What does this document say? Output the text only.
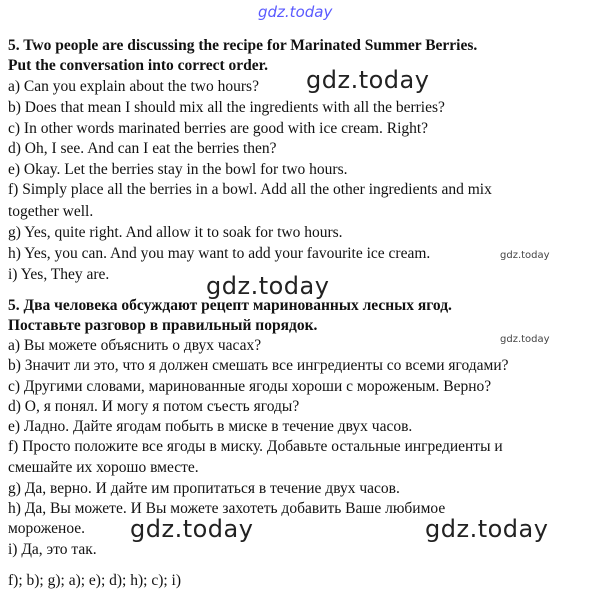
gdz.today
gdz.today
gdz.today
gdz.today	gdz.today
gdz.today
gdz.today
5. Two people are discussing the recipe for Marinated Summer Berries.
Put the conversation into correct order.
a) Can you explain about the two hours?
b) Does that mean I should mix all the ingredients with all the berries?
c) In other words marinated berries are good with ice cream. Right?
d) Oh, I see. And can I eat the berries then?
e) Okay. Let the berries stay in the bowl for two hours.
f) Simply place all the berries in a bowl. Add all the other ingredients and mix
together well.
g) Yes, quite right. And allow it to soak for two hours.
h) Yes, you can. And you may want to add your favourite ice cream.
i) Yes, They are.
5. Два человека обсуждают рецепт маринованных лесных ягод.
Поставьте разговор в правильный порядок.
а) Вы можете объяснить о двух часах?
b) Значит ли это, что я должен смешать все ингредиенты со всеми ягодами?
с) Другими словами, маринованные ягоды хороши с мороженым. Верно?
d) О, я понял. И могу я потом съесть ягоды?
е) Ладно. Дайте ягодам побыть в миске в течение двух часов.
f) Просто положите все ягоды в миску. Добавьте остальные ингредиенты и
смешайте их хорошо вместе.
g) Да, верно. И дайте им пропитаться в течение двух часов.
h) Да, Вы можете. И Вы можете захотеть добавить Ваше любимое
мороженое.
i) Да, это так.
f); b); g); a); e); d); h); c); i)
